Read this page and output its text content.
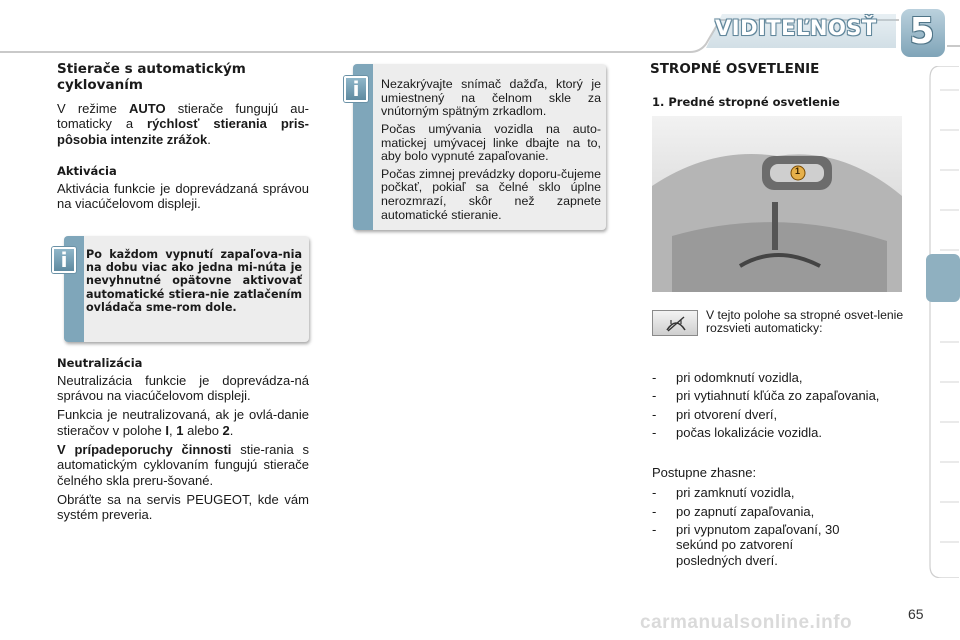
VIDITEĽNOSŤ 5
Stierače s automatickým cyklovaním

V režime AUTO stierače fungujú au-tomaticky a rýchlosť stierania pris-pôsobia intenzite zrážok.

Aktivácia

Aktivácia funkcie je doprevádzaná správou na viacúčelovom displeji.

Po každom vypnutí zapaľova-nia na dobu viac ako jedna mi-núta je nevyhnutné opätovne aktivovať automatické stiera-nie zatlačením ovládača sme-rom dole.

i
Neutralizácia

Neutralizácia funkcie je doprevádza-ná správou na viacúčelovom displeji.

Funkcia je neutralizovaná, ak je ovlá-danie stieračov v polohe I, 1 alebo 2.

V prípadeporuchy činnosti stie-rania s automatickým cyklovaním fungujú stierače čelného skla preru-šované.

Obráťte sa na servis PEUGEOT, kde vám systém preveria.

Nezakrývajte snímač dažďa, ktorý je umiestnený na čelnom skle za vnútorným spätným zrkadlom.

Počas umývania vozidla na auto-matickej umývacej linke dbajte na to, aby bolo vypnuté zapaľovanie.

Počas zimnej prevádzky doporu-čujeme počkať, pokiaľ sa čelné sklo úplne nerozmrazí, skôr než zapnete automatické stieranie.

i
STROPNÉ OSVETLENIE
1. Predné stropné osvetlenie
1

V tejto polohe sa stropné osvet-lenie rozsvieti automaticky:

- pri odomknutí vozidla,
- pri vytiahnutí kľúča zo zapaľovania,
- pri otvorení dverí,
- počas lokalizácie vozidla.

Postupne zhasne:

- pri zamknutí vozidla,
- po zapnutí zapaľovania,
- pri vypnutom zapaľovaní, 30 sekúnd po zatvorení posledných dverí.
65
carmanualsonline.info
